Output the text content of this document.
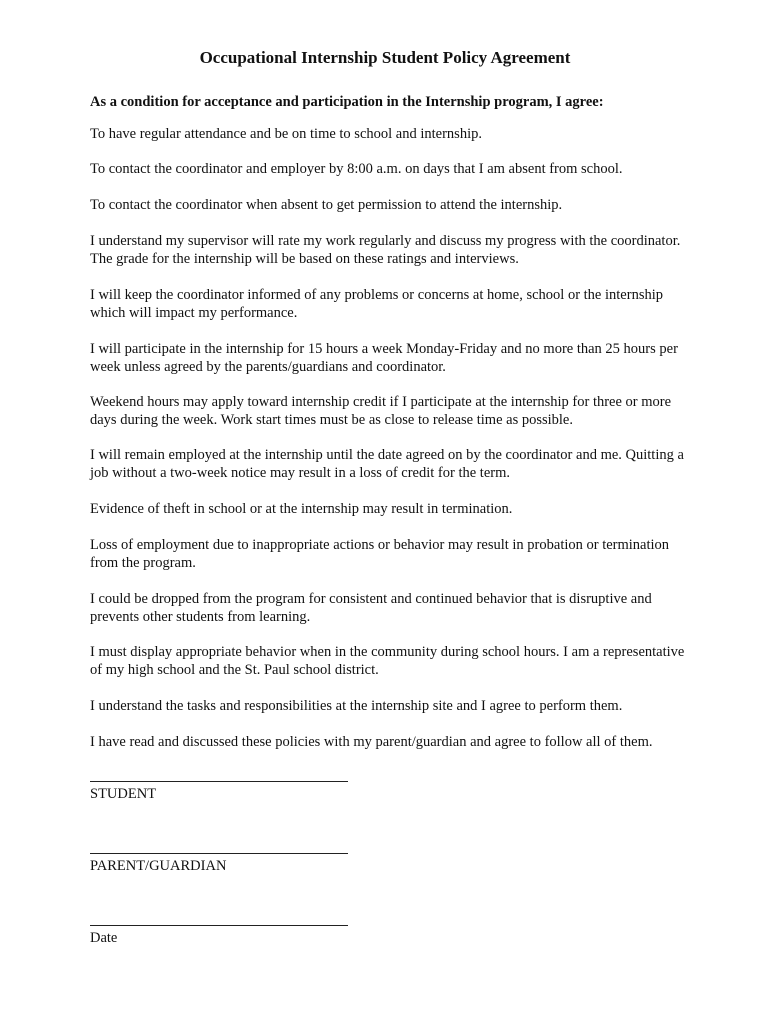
Occupational Internship Student Policy Agreement

As a condition for acceptance and participation in the Internship program, I agree:

To have regular attendance and be on time to school and internship.

To contact the coordinator and employer by 8:00 a.m. on days that I am absent from school.

To contact the coordinator when absent to get permission to attend the internship.

I understand my supervisor will rate my work regularly and discuss my progress with the coordinator. The grade for the internship will be based on these ratings and interviews.

I will keep the coordinator informed of any problems or concerns at home, school or the internship which will impact my performance.

I will participate in the internship for 15 hours a week Monday-Friday and no more than 25 hours per week unless agreed by the parents/guardians and coordinator.

Weekend hours may apply toward internship credit if I participate at the internship for three or more days during the week. Work start times must be as close to release time as possible.

I will remain employed at the internship until the date agreed on by the coordinator and me. Quitting a job without a two-week notice may result in a loss of credit for the term.

Evidence of theft in school or at the internship may result in termination.

Loss of employment due to inappropriate actions or behavior may result in probation or termination from the program.

I could be dropped from the program for consistent and continued behavior that is disruptive and prevents other students from learning.

I must display appropriate behavior when in the community during school hours. I am a representative of my high school and the St. Paul school district.

I understand the tasks and responsibilities at the internship site and I agree to perform them.

I have read and discussed these policies with my parent/guardian and agree to follow all of them.

STUDENT

PARENT/GUARDIAN

Date
